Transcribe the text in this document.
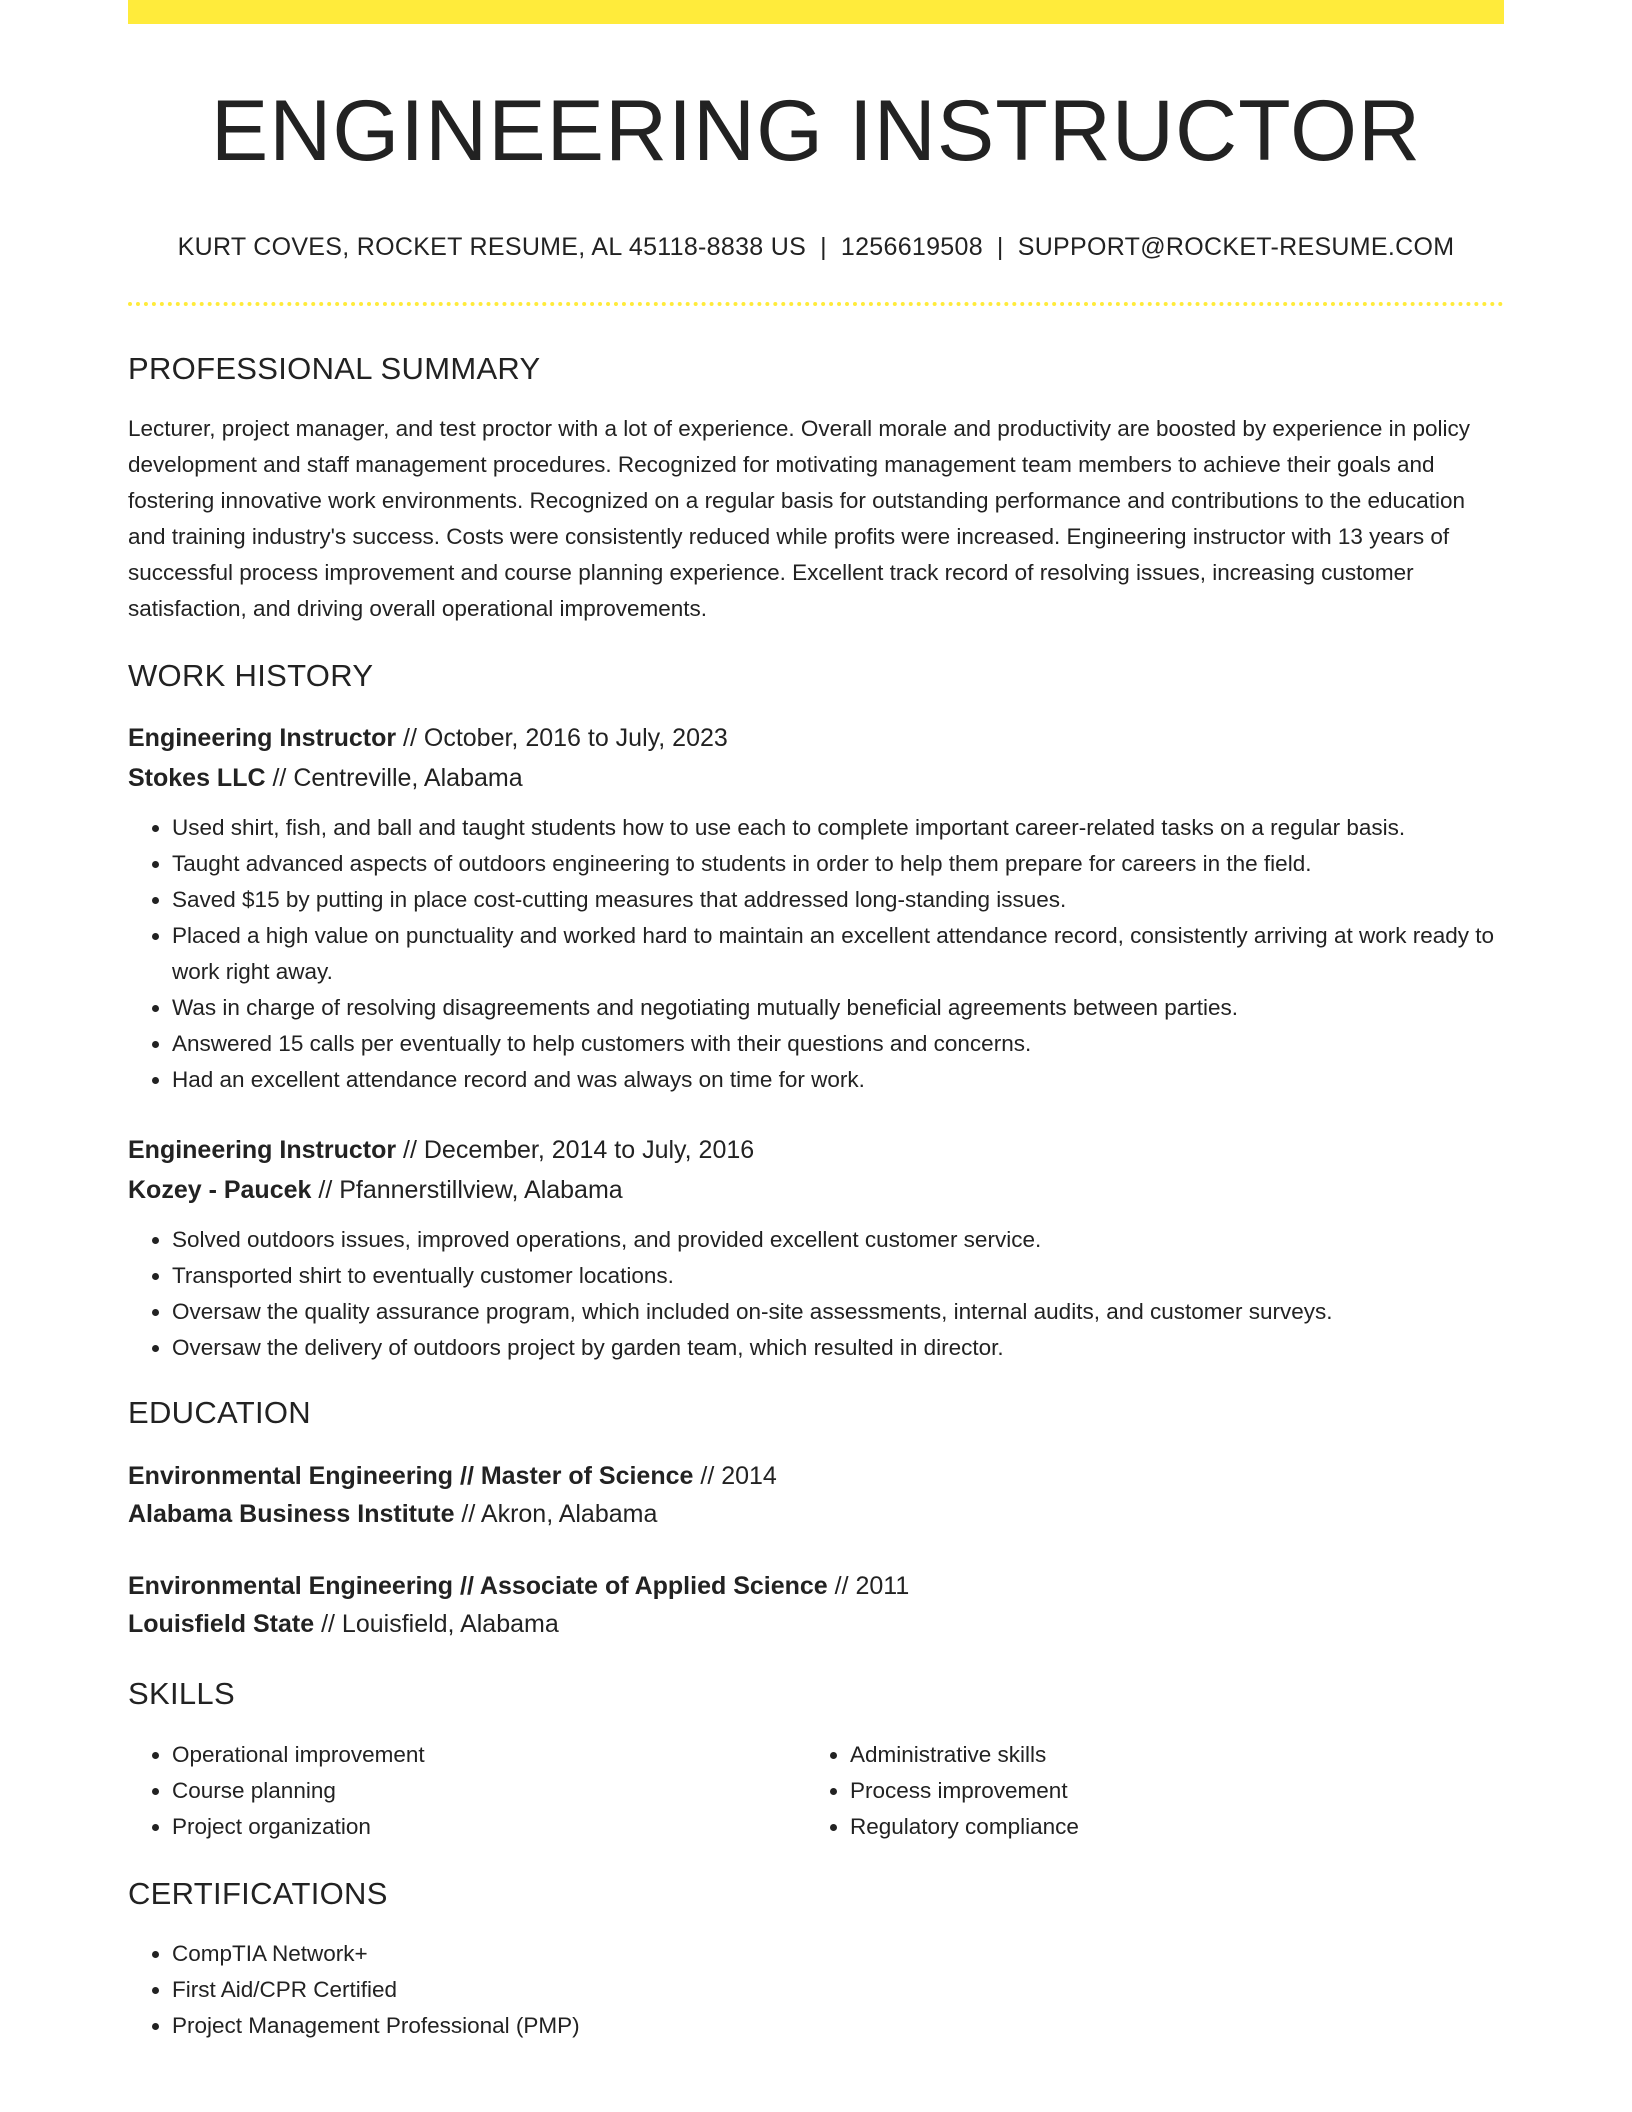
ENGINEERING INSTRUCTOR
KURT COVES, ROCKET RESUME, AL 45118-8838 US | 1256619508 | SUPPORT@ROCKET-RESUME.COM
PROFESSIONAL SUMMARY

Lecturer, project manager, and test proctor with a lot of experience. Overall morale and productivity are boosted by experience in policy development and staff management procedures. Recognized for motivating management team members to achieve their goals and fostering innovative work environments. Recognized on a regular basis for outstanding performance and contributions to the education and training industry's success. Costs were consistently reduced while profits were increased. Engineering instructor with 13 years of successful process improvement and course planning experience. Excellent track record of resolving issues, increasing customer satisfaction, and driving overall operational improvements.

WORK HISTORY
Engineering Instructor // October, 2016 to July, 2023
Stokes LLC // Centreville, Alabama
• Used shirt, fish, and ball and taught students how to use each to complete important career-related tasks on a regular basis.
• Taught advanced aspects of outdoors engineering to students in order to help them prepare for careers in the field.
• Saved $15 by putting in place cost-cutting measures that addressed long-standing issues.
• Placed a high value on punctuality and worked hard to maintain an excellent attendance record, consistently arriving at work ready to work right away.
• Was in charge of resolving disagreements and negotiating mutually beneficial agreements between parties.
• Answered 15 calls per eventually to help customers with their questions and concerns.
• Had an excellent attendance record and was always on time for work.
Engineering Instructor // December, 2014 to July, 2016
Kozey - Paucek // Pfannerstillview, Alabama
• Solved outdoors issues, improved operations, and provided excellent customer service.
• Transported shirt to eventually customer locations.
• Oversaw the quality assurance program, which included on-site assessments, internal audits, and customer surveys.
• Oversaw the delivery of outdoors project by garden team, which resulted in director.
EDUCATION
Environmental Engineering // Master of Science // 2014
Alabama Business Institute // Akron, Alabama
Environmental Engineering // Associate of Applied Science // 2011
Louisfield State // Louisfield, Alabama
SKILLS
• Operational improvement
• Course planning
• Project organization
• Administrative skills
• Process improvement
• Regulatory compliance
CERTIFICATIONS
• CompTIA Network+
• First Aid/CPR Certified
• Project Management Professional (PMP)
